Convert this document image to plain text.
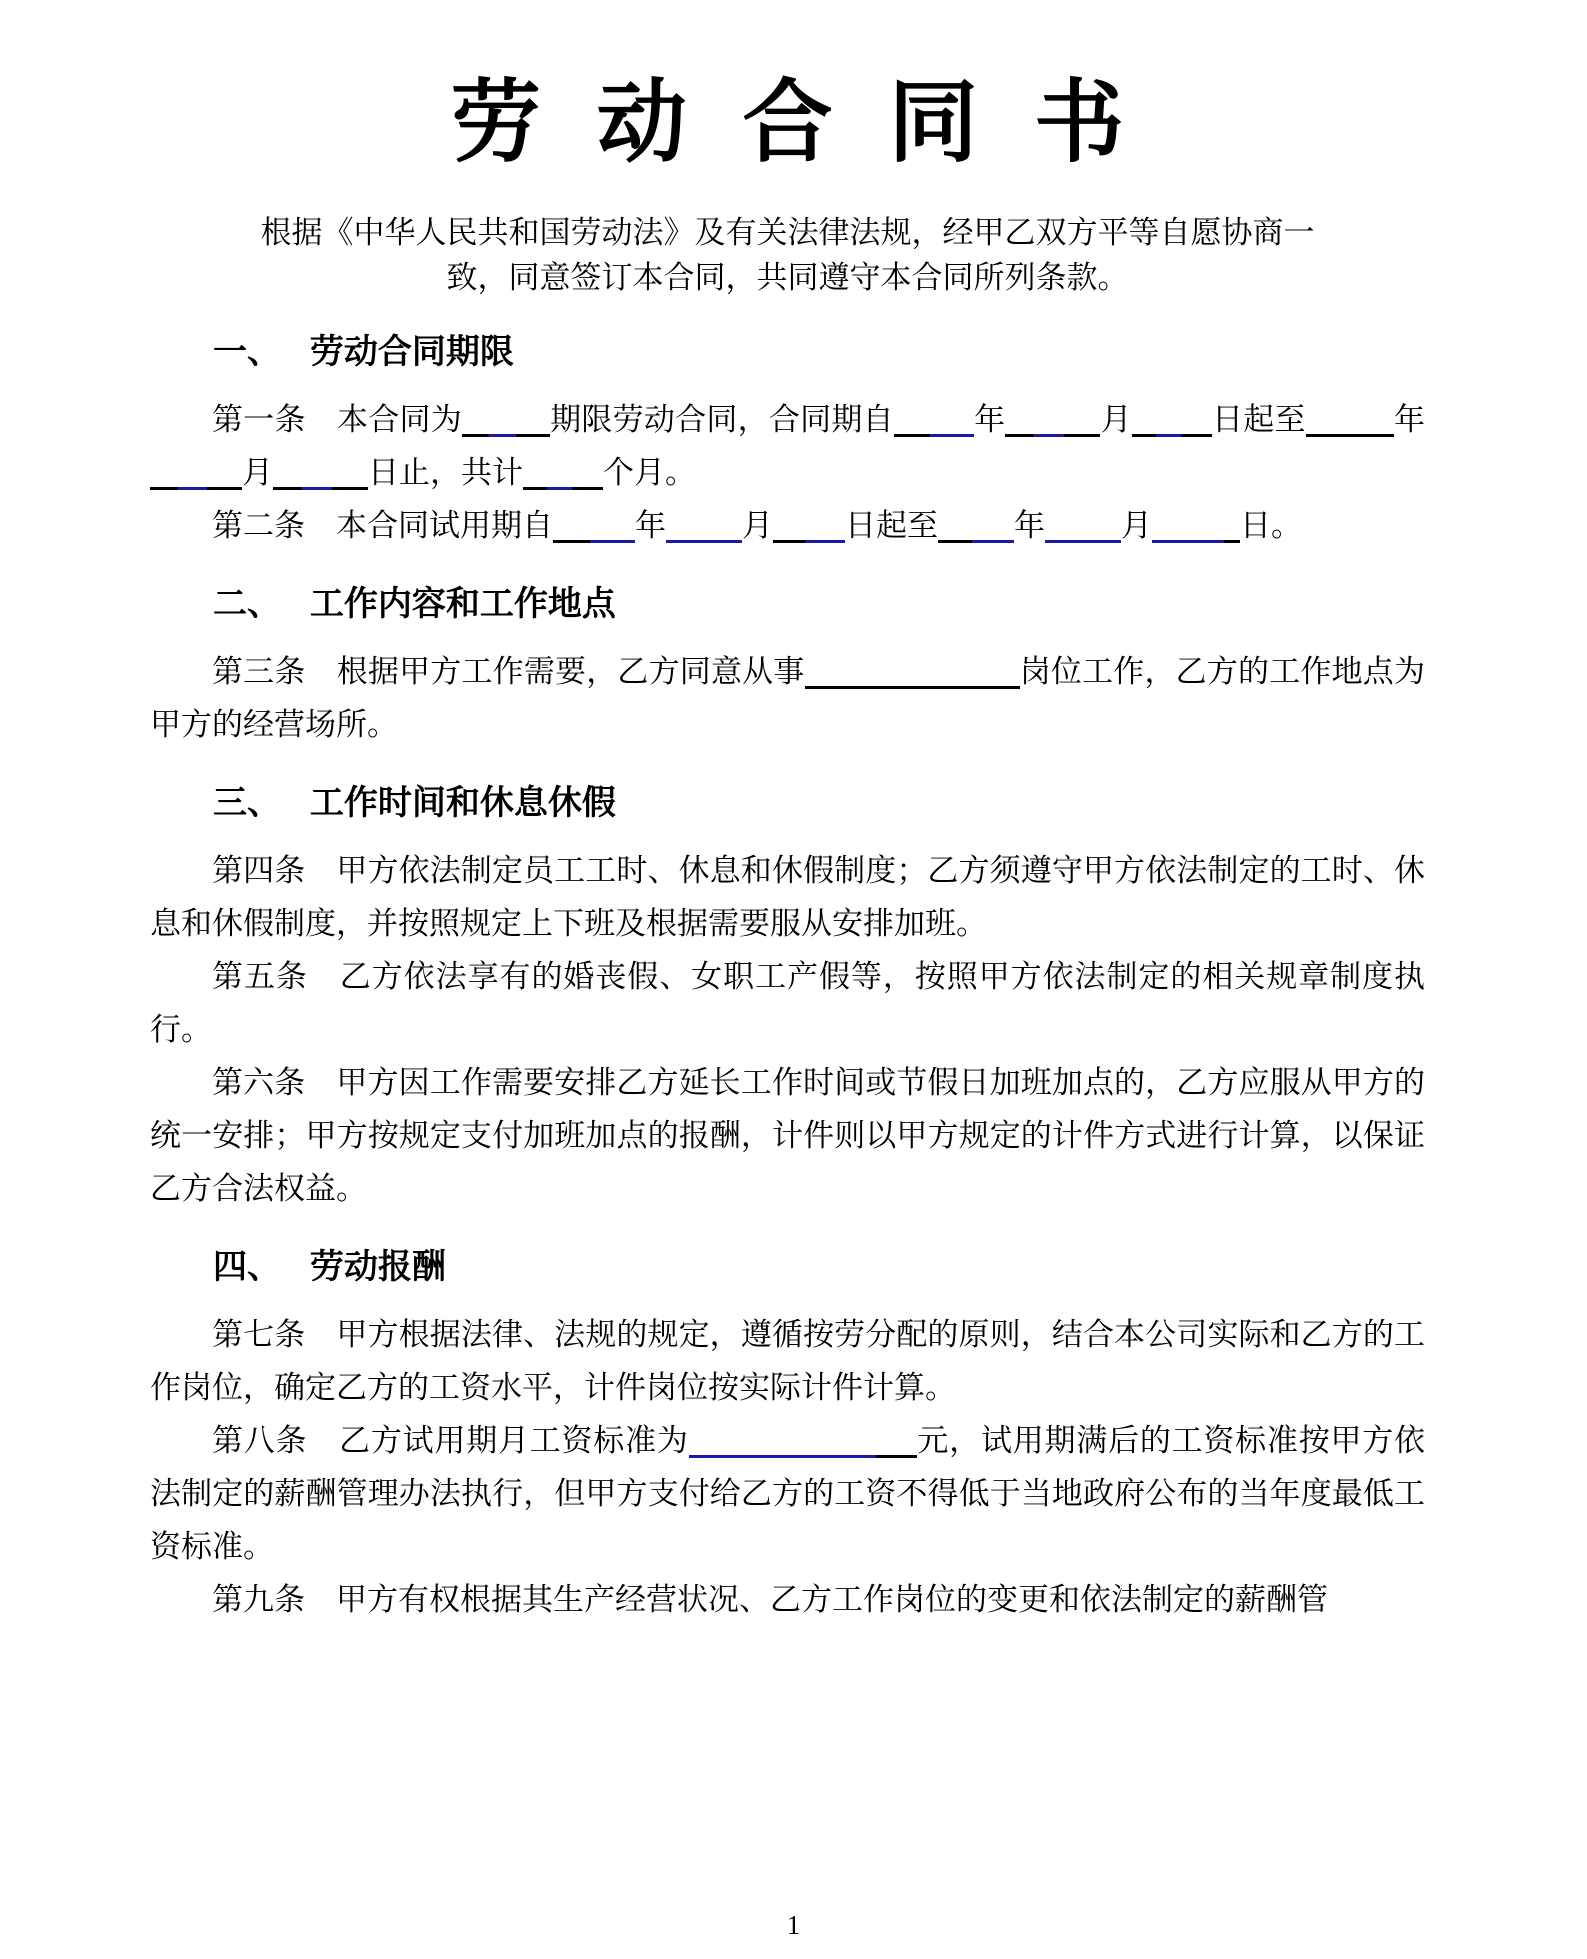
劳动合同书

根据《中华人民共和国劳动法》及有关法律法规，经甲乙双方平等自愿协商一
致，同意签订本合同，共同遵守本合同所列条款。

一、 劳动合同期限

第一条　本合同为	期限劳动合同，合同期自	年	月	日起至	年月	日止，共计	个月。

第二条　本合同试用期自	年 月 日起至 年 月	日。

二、 工作内容和工作地点

第三条　根据甲方工作需要，乙方同意从事	岗位工作，乙方的工作地点为甲方的经营场所。

三、 工作时间和休息休假

第四条　甲方依法制定员工工时、休息和休假制度；乙方须遵守甲方依法制定的工时、休息和休假制度，并按照规定上下班及根据需要服从安排加班。

第五条　乙方依法享有的婚丧假、女职工产假等，按照甲方依法制定的相关规章制度执行。

第六条　甲方因工作需要安排乙方延长工作时间或节假日加班加点的，乙方应服从甲方的统一安排；甲方按规定支付加班加点的报酬，计件则以甲方规定的计件方式进行计算，以保证乙方合法权益。

四、 劳动报酬

第七条　甲方根据法律、法规的规定，遵循按劳分配的原则，结合本公司实际和乙方的工作岗位，确定乙方的工资水平，计件岗位按实际计件计算。

第八条　乙方试用期月工资标准为	元，试用期满后的工资标准按甲方依法制定的薪酬管理办法执行，但甲方支付给乙方的工资不得低于当地政府公布的当年度最低工资标准。

第九条　甲方有权根据其生产经营状况、乙方工作岗位的变更和依法制定的薪酬管

1
